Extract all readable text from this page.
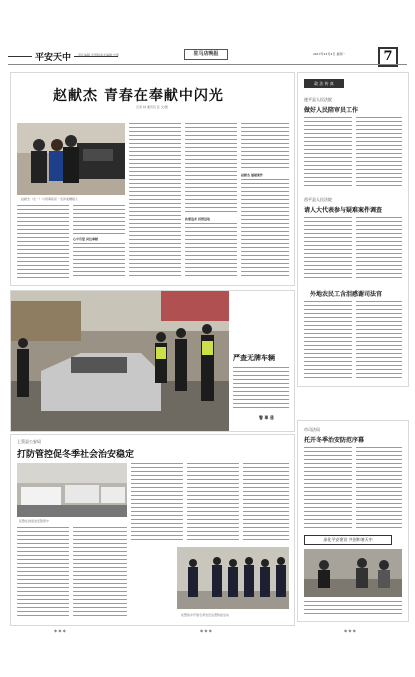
平安天中	责任编辑 张慧娟 美术编辑 史燕	驻马店晚报	2017年12月4日 星期一	7
赵献杰 青春在奉献中闪光
记者 林 通讯员 张 文/图
赵献杰（左一）与同事抓获一名涉案嫌疑人
心中有爱 岗位奉献
执着追求 拼搏进取
赵献杰 屡破案件
政 法 传 真
遂平县人民法院
做好人民陪审员工作
西平县人民法院
请人大代表参与疑难案件调查
外地农民工含泪感谢司法官
严查无牌车辆
警 事 通
市司法局
托开冬季治安防范序幕
深化平安建设 共创和谐天中
上蔡县公安局
打防管控促冬季社会治安稳定
民警在排查治安隐患中
民警集中开展冬季治安巡逻防控活动
◆ ◆ ◆	◆ ◆ ◆	◆ ◆ ◆
